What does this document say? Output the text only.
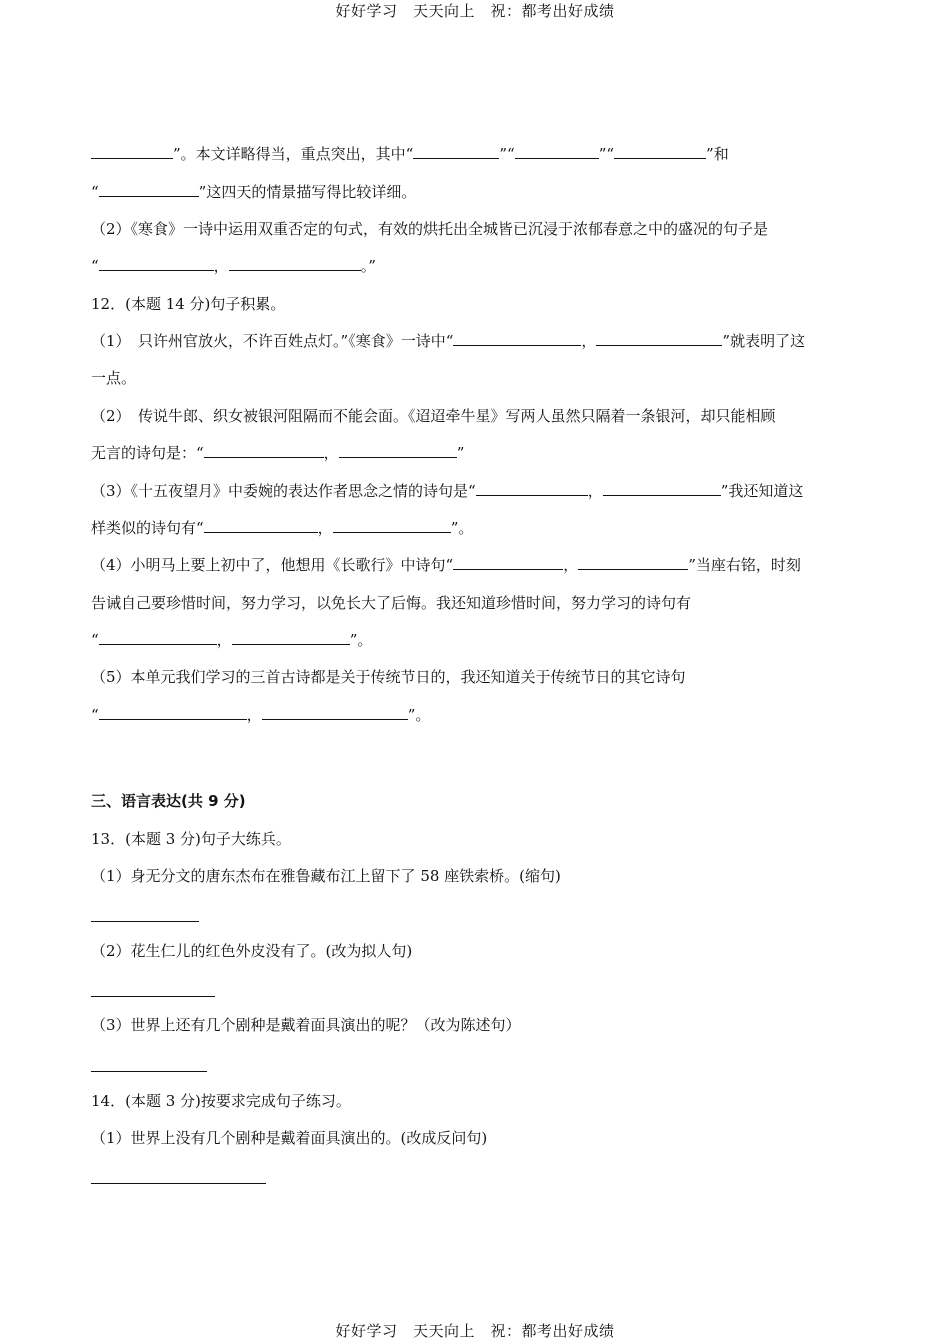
好好学习　天天向上　祝：都考出好成绩
”。本文详略得当，重点突出，其中“	”“	”“	”和
“	”这四天的情景描写得比较详细。
（2）《寒食》一诗中运用双重否定的句式，有效的烘托出全城皆已沉浸于浓郁春意之中的盛况的句子是
“	，	。”
12．(本题 14 分)句子积累。
（1）　只许州官放火，不许百姓点灯。”《寒食》一诗中“	，	”就表明了这
一点。
（2）　传说牛郎、织女被银河阻隔而不能会面。《迢迢牵牛星》写两人虽然只隔着一条银河，却只能相顾
无言的诗句是：“	，	”
（3）《十五夜望月》中委婉的表达作者思念之情的诗句是“	，	”我还知道这
样类似的诗句有“	，	”。
（4）小明马上要上初中了，他想用《长歌行》中诗句“	，	”当座右铭，时刻
告诫自己要珍惜时间，努力学习，以免长大了后悔。我还知道珍惜时间，努力学习的诗句有
“	，	”。
（5）本单元我们学习的三首古诗都是关于传统节日的，我还知道关于传统节日的其它诗句
“	，	”。
三、语言表达(共 9 分)
13．(本题 3 分)句子大练兵。
（1）身无分文的唐东杰布在雅鲁藏布江上留下了 58 座铁索桥。(缩句)
（2）花生仁儿的红色外皮没有了。(改为拟人句)
（3）世界上还有几个剧种是戴着面具演出的呢？（改为陈述句）
14．(本题 3 分)按要求完成句子练习。
（1）世界上没有几个剧种是戴着面具演出的。(改成反问句)
好好学习　天天向上　祝：都考出好成绩
